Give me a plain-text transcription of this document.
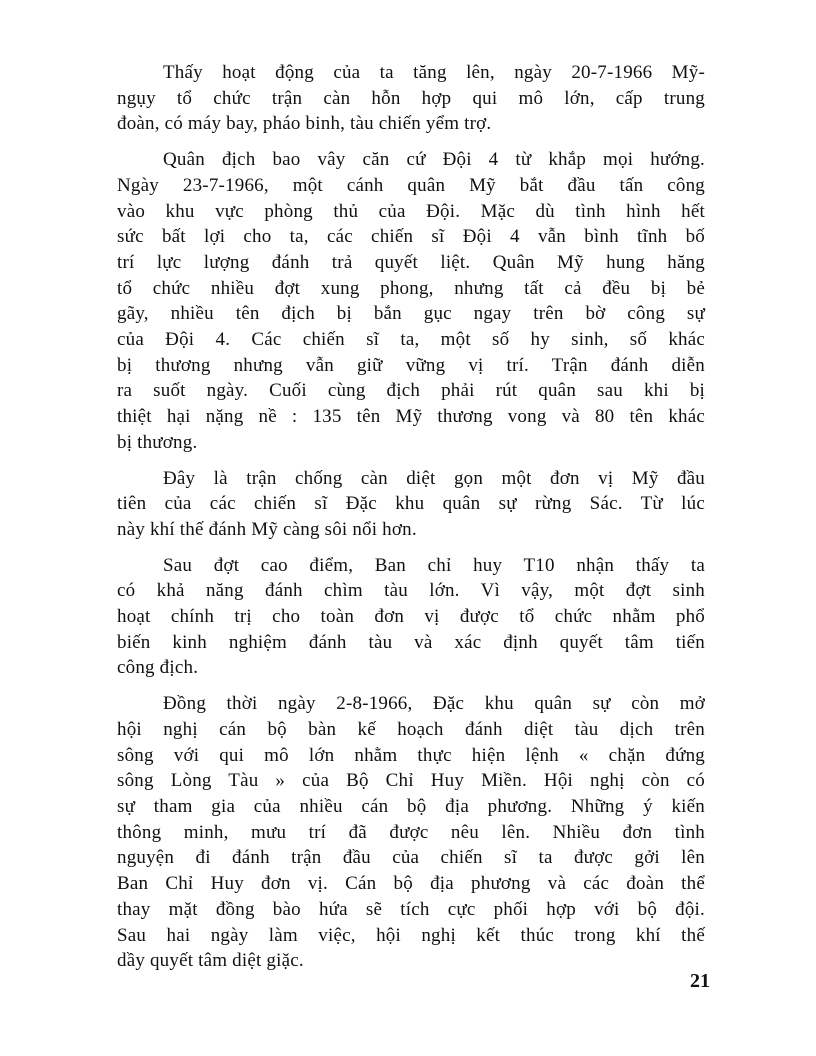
Thấy hoạt động của ta tăng lên, ngày 20-7-1966 Mỹ-
ngụy tổ chức trận càn hỗn hợp qui mô lớn, cấp trung
đoàn, có máy bay, pháo binh, tàu chiến yểm trợ.

Quân địch bao vây căn cứ Đội 4 từ khắp mọi hướng.
Ngày 23-7-1966, một cánh quân Mỹ bắt đầu tấn công
vào khu vực phòng thủ của Đội. Mặc dù tình hình hết
sức bất lợi cho ta, các chiến sĩ Đội 4 vẫn bình tĩnh bố
trí lực lượng đánh trả quyết liệt. Quân Mỹ hung hăng
tổ chức nhiều đợt xung phong, nhưng tất cả đều bị bẻ
gãy, nhiều tên địch bị bắn gục ngay trên bờ công sự
của Đội 4. Các chiến sĩ ta, một số hy sinh, số khác
bị thương nhưng vẫn giữ vững vị trí. Trận đánh diễn
ra suốt ngày. Cuối cùng địch phải rút quân sau khi bị
thiệt hại nặng nề : 135 tên Mỹ thương vong và 80 tên khác
bị thương.

Đây là trận chống càn diệt gọn một đơn vị Mỹ đầu
tiên của các chiến sĩ Đặc khu quân sự rừng Sác. Từ lúc
này khí thế đánh Mỹ càng sôi nổi hơn.

Sau đợt cao điểm, Ban chỉ huy T10 nhận thấy ta
có khả năng đánh chìm tàu lớn. Vì vậy, một đợt sinh
hoạt chính trị cho toàn đơn vị được tổ chức nhằm phổ
biến kinh nghiệm đánh tàu và xác định quyết tâm tiến
công địch.

Đồng thời ngày 2-8-1966, Đặc khu quân sự còn mở
hội nghị cán bộ bàn kế hoạch đánh diệt tàu dịch trên
sông với qui mô lớn nhằm thực hiện lệnh « chặn đứng
sông Lòng Tàu » của Bộ Chỉ Huy Miền. Hội nghị còn có
sự tham gia của nhiều cán bộ địa phương. Những ý kiến
thông minh, mưu trí đã được nêu lên. Nhiều đơn tình
nguyện đi đánh trận đầu của chiến sĩ ta được gởi lên
Ban Chỉ Huy đơn vị. Cán bộ địa phương và các đoàn thể
thay mặt đồng bào hứa sẽ tích cực phối hợp với bộ đội.
Sau hai ngày làm việc, hội nghị kết thúc trong khí thế
dầy quyết tâm diệt giặc.

21
